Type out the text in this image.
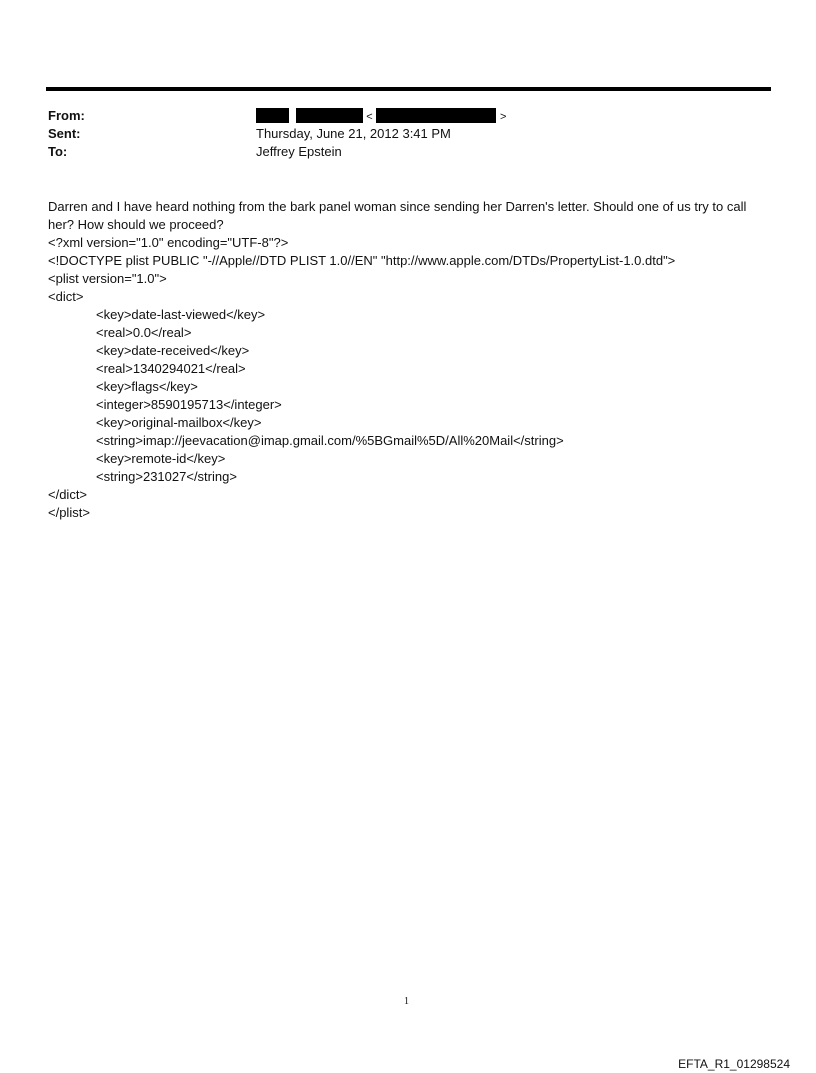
From:
Sent:
To:
<	>
Thursday, June 21, 2012 3:41 PM
Jeffrey Epstein

Darren and I have heard nothing from the bark panel woman since sending her Darren's letter. Should one of us try to call her? How should we proceed?

<?xml version="1.0" encoding="UTF-8"?>
<!DOCTYPE plist PUBLIC "-//Apple//DTD PLIST 1.0//EN" "http://www.apple.com/DTDs/PropertyList-1.0.dtd">
<plist version="1.0">
<dict>
<key>date-last-viewed</key>
<real>0.0</real>
<key>date-received</key>
<real>1340294021</real>
<key>flags</key>
<integer>8590195713</integer>
<key>original-mailbox</key>
<string>imap://jeevacation@imap.gmail.com/%5BGmail%5D/All%20Mail</string>
<key>remote-id</key>
<string>231027</string>
</dict>
</plist>
1
EFTA_R1_01298524
